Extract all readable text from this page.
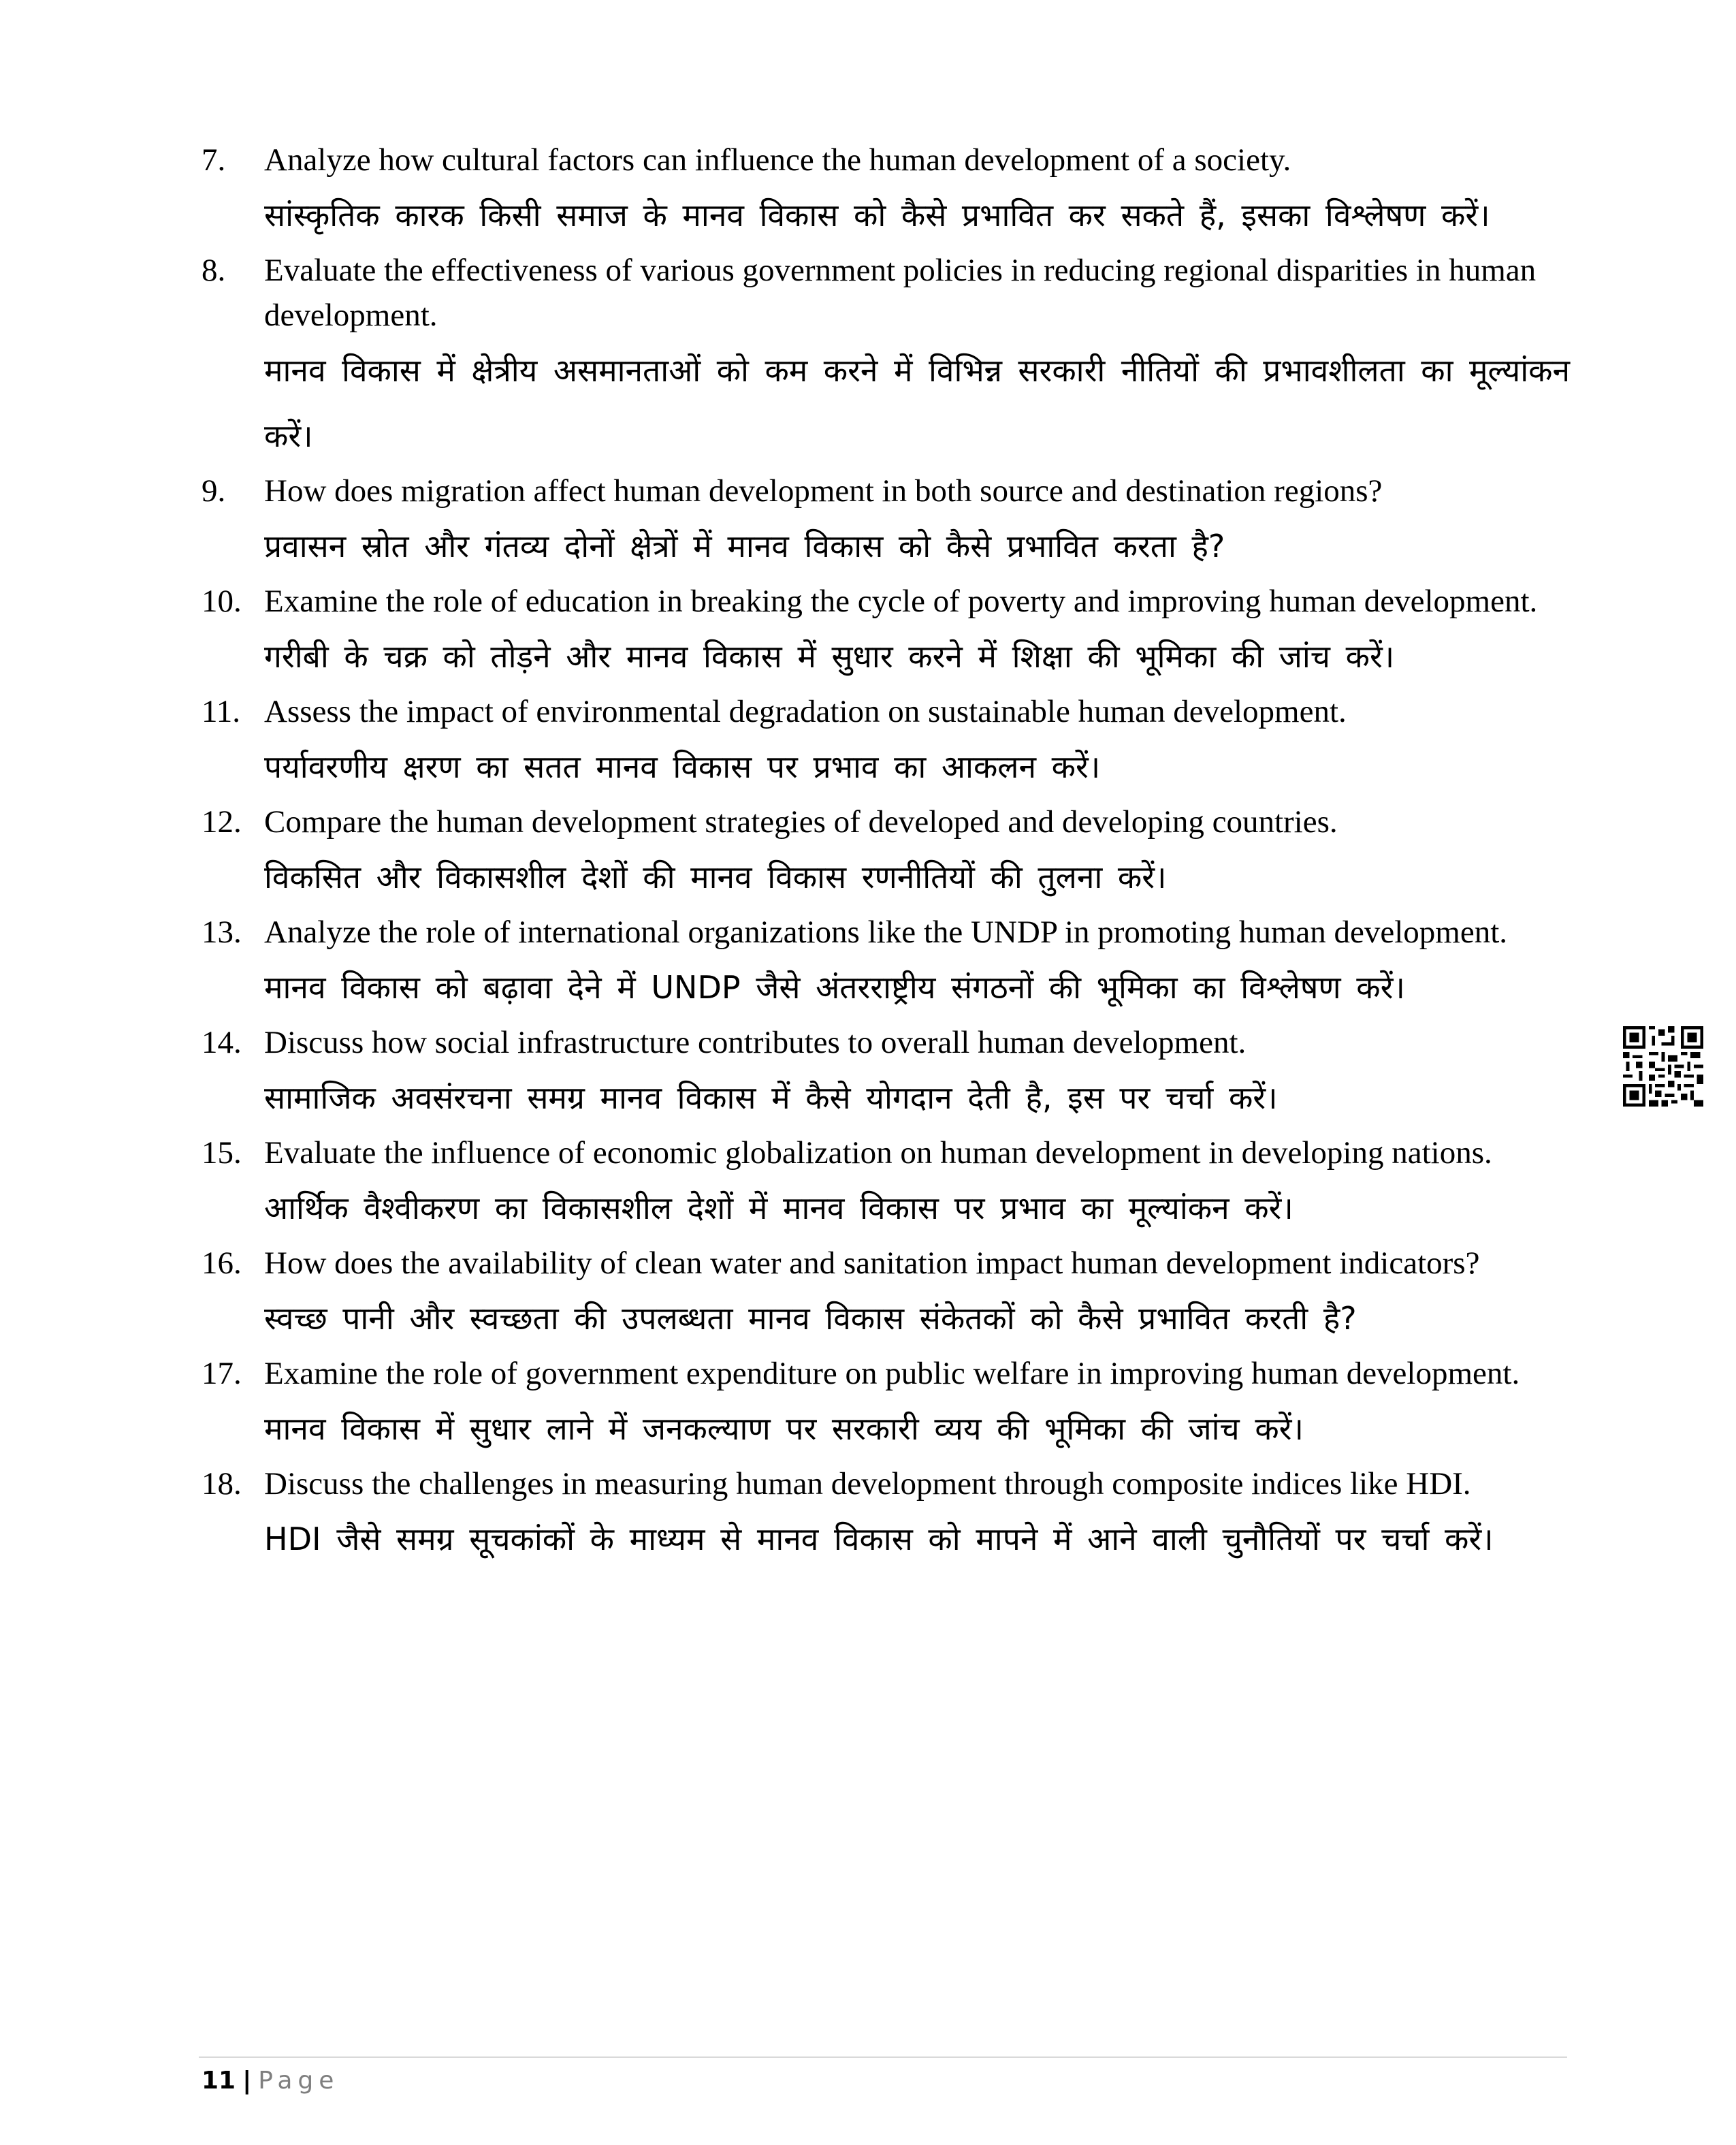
7.	Analyze how cultural factors can influence the human development of a society.

सांस्कृतिक कारक किसी समाज के मानव विकास को कैसे प्रभावित कर सकते हैं, इसका विश्लेषण करें।

8.	Evaluate the effectiveness of various government policies in reducing regional disparities in human development.

मानव विकास में क्षेत्रीय असमानताओं को कम करने में विभिन्न सरकारी नीतियों की प्रभावशीलता का मूल्यांकन करें।

9.	How does migration affect human development in both source and destination regions?

प्रवासन स्रोत और गंतव्य दोनों क्षेत्रों में मानव विकास को कैसे प्रभावित करता है?

10. Examine the role of education in breaking the cycle of poverty and improving human development.

गरीबी के चक्र को तोड़ने और मानव विकास में सुधार करने में शिक्षा की भूमिका की जांच करें।

11. Assess the impact of environmental degradation on sustainable human development.

पर्यावरणीय क्षरण का सतत मानव विकास पर प्रभाव का आकलन करें।

12. Compare the human development strategies of developed and developing countries.

विकसित और विकासशील देशों की मानव विकास रणनीतियों की तुलना करें।

13. Analyze the role of international organizations like the UNDP in promoting human development.

मानव विकास को बढ़ावा देने में UNDP जैसे अंतरराष्ट्रीय संगठनों की भूमिका का विश्लेषण करें।

14. Discuss how social infrastructure contributes to overall human development.

सामाजिक अवसंरचना समग्र मानव विकास में कैसे योगदान देती है, इस पर चर्चा करें।

15. Evaluate the influence of economic globalization on human development in developing nations.

आर्थिक वैश्वीकरण का विकासशील देशों में मानव विकास पर प्रभाव का मूल्यांकन करें।

16. How does the availability of clean water and sanitation impact human development indicators?

स्वच्छ पानी और स्वच्छता की उपलब्धता मानव विकास संकेतकों को कैसे प्रभावित करती है?

17. Examine the role of government expenditure on public welfare in improving human development.

मानव विकास में सुधार लाने में जनकल्याण पर सरकारी व्यय की भूमिका की जांच करें।

18. Discuss the challenges in measuring human development through composite indices like HDI.

HDI जैसे समग्र सूचकांकों के माध्यम से मानव विकास को मापने में आने वाली चुनौतियों पर चर्चा करें।

11 | Page
